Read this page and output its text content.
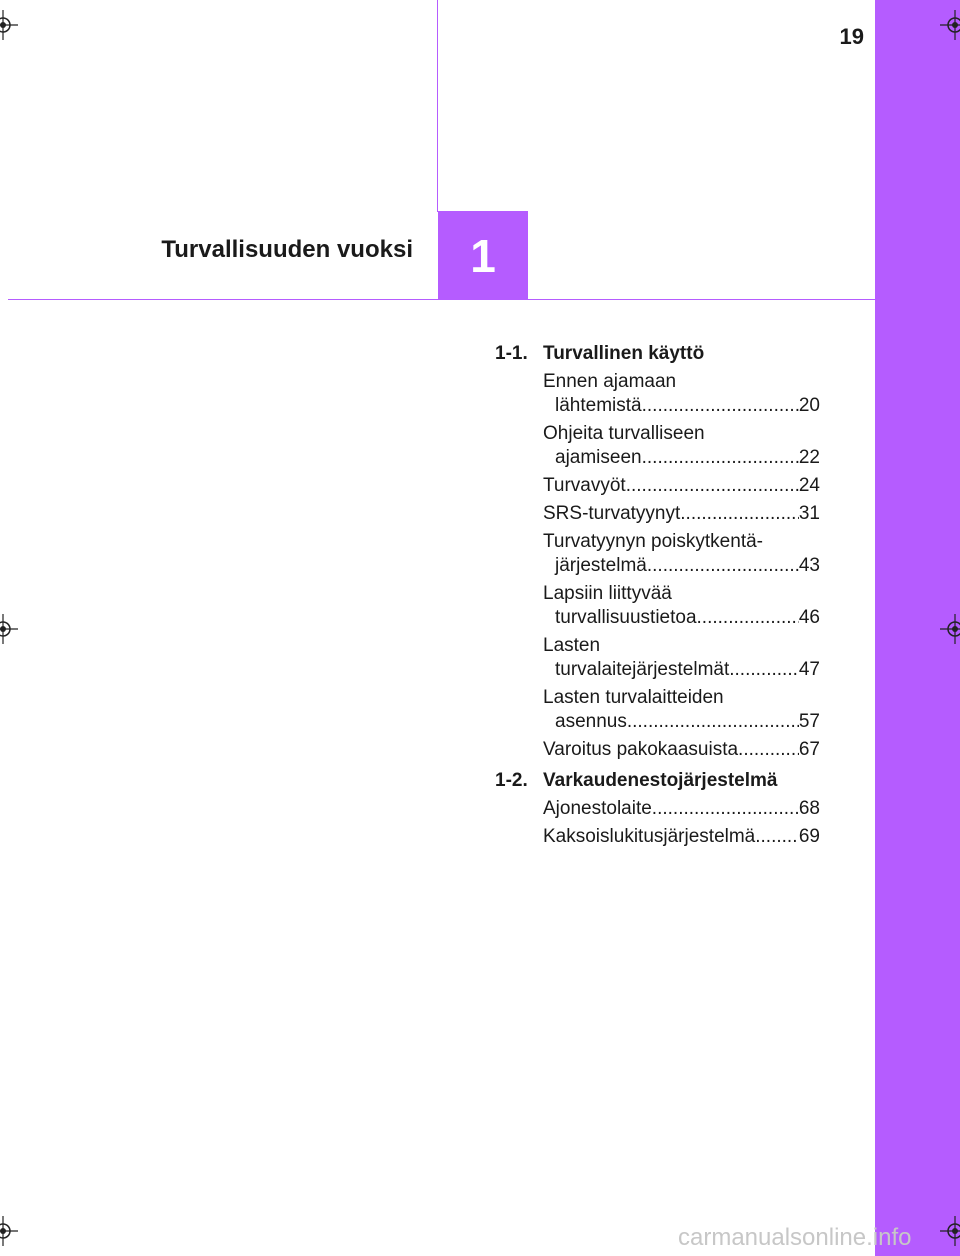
19
1
Turvallisuuden vuoksi
1-1. Turvallinen käyttö
Ennen ajamaan
lähtemistä .....	20
Ohjeita turvalliseen
ajamiseen .....	22
Turvavyöt .....	24
SRS-turvatyynyt .....	31
Turvatyynyn poiskytkentä-
järjestelmä .....	43
Lapsiin liittyvää
turvallisuustietoa .....	46
Lasten
turvalaitejärjestelmät .....	47
Lasten turvalaitteiden
asennus .....	57
Varoitus pakokaasuista .....	67
1-2. Varkaudenestojärjestelmä
Ajonestolaite .....	68
Kaksoislukitusjärjestelmä ..... 69
carmanualsonline.info
